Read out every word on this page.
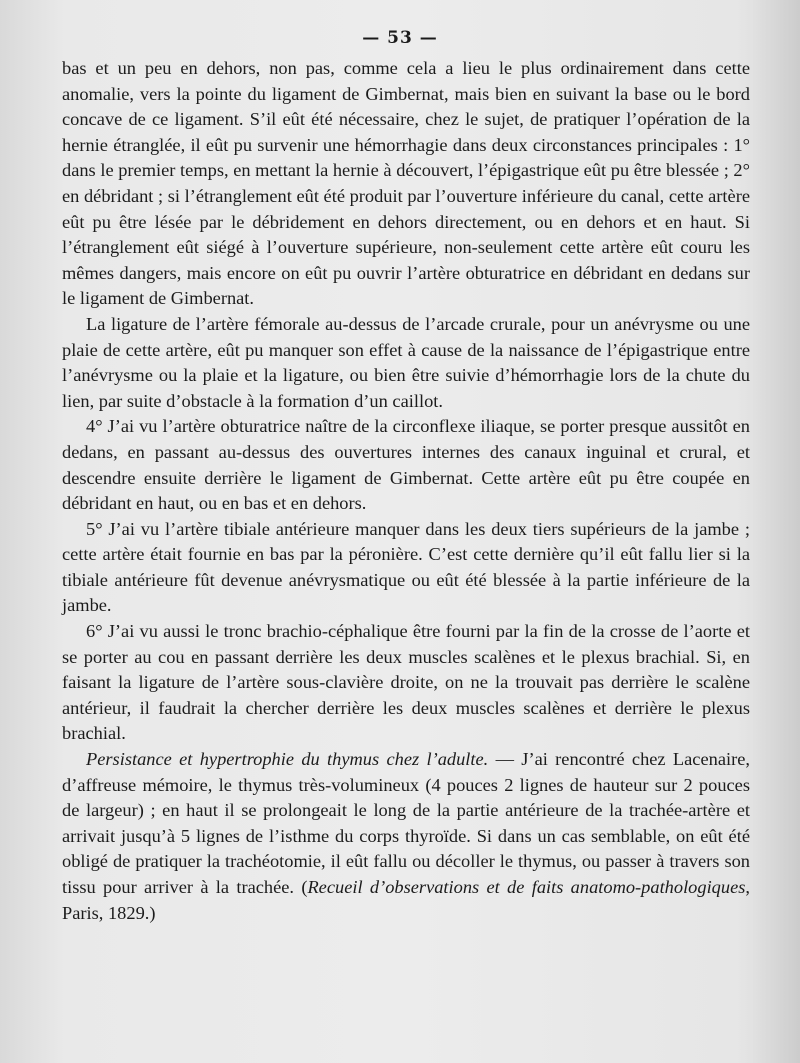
— 53 —

bas et un peu en dehors, non pas, comme cela a lieu le plus ordinairement dans cette anomalie, vers la pointe du ligament de Gimbernat, mais bien en suivant la base ou le bord concave de ce ligament. S’il eût été nécessaire, chez le sujet, de pratiquer l’opération de la hernie étranglée, il eût pu survenir une hémorrhagie dans deux circonstances principales : 1° dans le premier temps, en mettant la hernie à découvert, l’épigastrique eût pu être blessée ; 2° en débridant ; si l’étranglement eût été produit par l’ouverture inférieure du canal, cette artère eût pu être lésée par le débridement en dehors directement, ou en dehors et en haut. Si l’étranglement eût siégé à l’ouverture supérieure, non-seulement cette artère eût couru les mêmes dangers, mais encore on eût pu ouvrir l’artère obturatrice en débridant en dedans sur le ligament de Gimbernat.

La ligature de l’artère fémorale au-dessus de l’arcade crurale, pour un anévrysme ou une plaie de cette artère, eût pu manquer son effet à cause de la naissance de l’épigastrique entre l’anévrysme ou la plaie et la ligature, ou bien être suivie d’hémorrhagie lors de la chute du lien, par suite d’obstacle à la formation d’un caillot.

4° J’ai vu l’artère obturatrice naître de la circonflexe iliaque, se porter presque aussitôt en dedans, en passant au-dessus des ouvertures internes des canaux inguinal et crural, et descendre ensuite derrière le ligament de Gimbernat. Cette artère eût pu être coupée en débridant en haut, ou en bas et en dehors.

5° J’ai vu l’artère tibiale antérieure manquer dans les deux tiers supérieurs de la jambe ; cette artère était fournie en bas par la péronière. C’est cette dernière qu’il eût fallu lier si la tibiale antérieure fût devenue anévrysmatique ou eût été blessée à la partie inférieure de la jambe.

6° J’ai vu aussi le tronc brachio-céphalique être fourni par la fin de la crosse de l’aorte et se porter au cou en passant derrière les deux muscles scalènes et le plexus brachial. Si, en faisant la ligature de l’artère sous-clavière droite, on ne la trouvait pas derrière le scalène antérieur, il faudrait la chercher derrière les deux muscles scalènes et derrière le plexus brachial.

Persistance et hypertrophie du thymus chez l’adulte. — J’ai rencontré chez Lacenaire, d’affreuse mémoire, le thymus très-volumineux (4 pouces 2 lignes de hauteur sur 2 pouces de largeur) ; en haut il se prolongeait le long de la partie antérieure de la trachée-artère et arrivait jusqu’à 5 lignes de l’isthme du corps thyroïde. Si dans un cas semblable, on eût été obligé de pratiquer la trachéotomie, il eût fallu ou décoller le thymus, ou passer à travers son tissu pour arriver à la trachée. (Recueil d’observations et de faits anatomo-pathologiques, Paris, 1829.)
